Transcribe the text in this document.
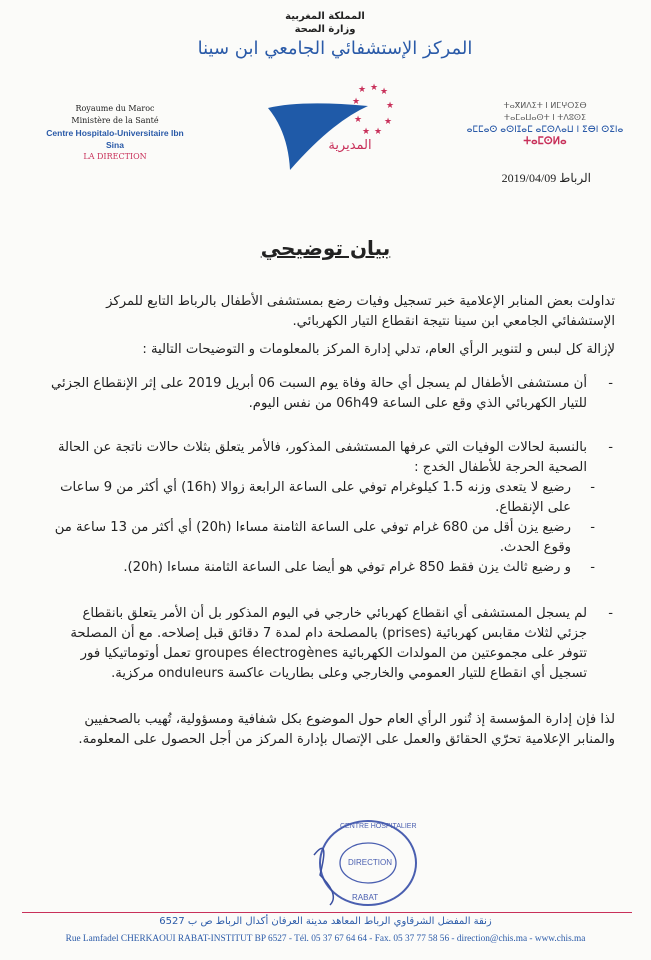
المملكة المغربية
وزارة الصحة
المركز الإستشفائي الجامعي ابن سينا
Royaume du Maroc
Ministère de la Santé
Centre Hospitalo-Universitaire Ibn Sina
LA DIRECTION
ⵜⴰⴳⵍⴷⵉⵜ ⵏ ⵍⵎⵖⵔⵉⴱ
ⵜⴰⵎⴰⵡⴰⵙⵜ ⵏ ⵜⴷⵓⵙⵉ
ⴰⵎⵎⴰⵙ ⴰⵙⵏⵊⴰⵎ ⴰⵎⵙⴷⴰⵡ ⵏ ⵉⴱⵏ ⵙⵉⵏⴰ
ⵜⴰⵎⵙⵍⴰ
★ ★ ★
★	★
★ ★
★ ★
المديرية
الرباط 2019/04/09
بيان توضيحي

تداولت بعض المنابر الإعلامية خبر تسجيل وفيات رضع بمستشفى الأطفال بالرباط التابع للمركز الإستشفائي الجامعي ابن سينا نتيجة انقطاع التيار الكهربائي.

لإزالة كل لبس و لتنوير الرأي العام، تدلي إدارة المركز بالمعلومات و التوضيحات التالية :

- أن مستشفى الأطفال لم يسجل أي حالة وفاة يوم السبت 06 أبريل 2019 على إثر الإنقطاع الجزئي للتيار الكهربائي الذي وقع على الساعة 06h49 من نفس اليوم.

- بالنسبة لحالات الوفيات التي عرفها المستشفى المذكور، فالأمر يتعلق بثلاث حالات ناتجة عن الحالة الصحية الحرجة للأطفال الخدج :

- رضيع لا يتعدى وزنه 1.5 كيلوغرام توفي على الساعة الرابعة زوالا (16h) أي أكثر من 9 ساعات على الإنقطاع.

- رضيع يزن أقل من 680 غرام توفي على الساعة الثامنة مساءا (20h) أي أكثر من 13 ساعة من وقوع الحدث.

- و رضيع ثالث يزن فقط 850 غرام توفي هو أيضا على الساعة الثامنة مساءا (20h).

- لم يسجل المستشفى أي انقطاع كهربائي خارجي في اليوم المذكور بل أن الأمر يتعلق بانقطاع جزئي لثلاث مقابس كهربائية (prises) بالمصلحة دام لمدة 7 دقائق قبل إصلاحه. مع أن المصلحة تتوفر على مجموعتين من المولدات الكهربائية groupes électrogènes تعمل أوتوماتيكيا فور تسجيل أي انقطاع للتيار العمومي والخارجي وعلى بطاريات عاكسة onduleurs مركزية.

لذا فإن إدارة المؤسسة إذ تُنور الرأي العام حول الموضوع بكل شفافية ومسؤولية، تُهيب بالصحفيين والمنابر الإعلامية تحرّي الحقائق والعمل على الإتصال بإدارة المركز من أجل الحصول على المعلومة.

CENTRE HOSPITALIER
DIRECTION
RABAT
زنقة المفضل الشرقاوي الرباط المعاهد مدينة العرفان أكدال الرباط ص ب 6527
Rue Lamfadel CHERKAOUI RABAT-INSTITUT BP 6527 - Tél. 05 37 67 64 64 - Fax. 05 37 77 58 56 - direction@chis.ma - www.chis.ma
